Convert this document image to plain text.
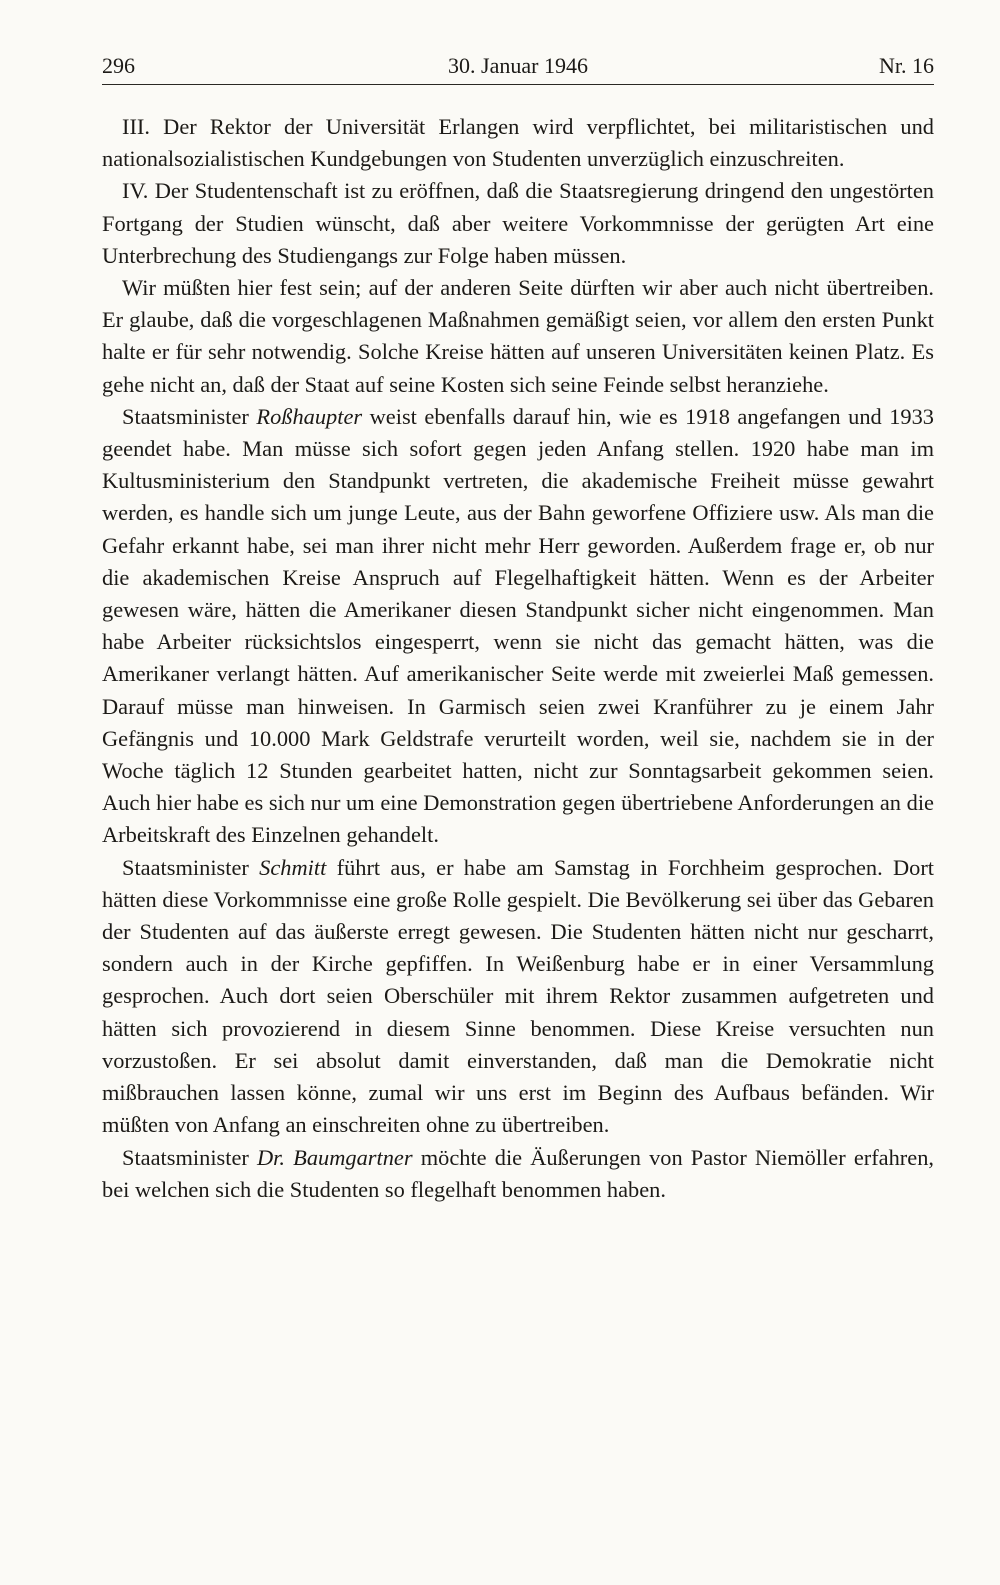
296	30. Januar 1946	Nr. 16

III. Der Rektor der Universität Erlangen wird verpflichtet, bei militaristischen und nationalsozialistischen Kundgebungen von Studenten unverzüglich einzuschreiten.

IV. Der Studentenschaft ist zu eröffnen, daß die Staatsregierung dringend den ungestörten Fortgang der Studien wünscht, daß aber weitere Vorkommnisse der gerügten Art eine Unterbrechung des Studiengangs zur Folge haben müssen.

Wir müßten hier fest sein; auf der anderen Seite dürften wir aber auch nicht übertreiben. Er glaube, daß die vorgeschlagenen Maßnahmen gemäßigt seien, vor allem den ersten Punkt halte er für sehr notwendig. Solche Kreise hätten auf unseren Universitäten keinen Platz. Es gehe nicht an, daß der Staat auf seine Kosten sich seine Feinde selbst heranziehe.

Staatsminister Roßhaupter weist ebenfalls darauf hin, wie es 1918 angefangen und 1933 geendet habe. Man müsse sich sofort gegen jeden Anfang stellen. 1920 habe man im Kultusministerium den Standpunkt vertreten, die akademische Freiheit müsse gewahrt werden, es handle sich um junge Leute, aus der Bahn geworfene Offiziere usw. Als man die Gefahr erkannt habe, sei man ihrer nicht mehr Herr geworden. Außerdem frage er, ob nur die akademischen Kreise Anspruch auf Flegelhaftigkeit hätten. Wenn es der Arbeiter gewesen wäre, hätten die Amerikaner diesen Standpunkt sicher nicht eingenommen. Man habe Arbeiter rücksichtslos eingesperrt, wenn sie nicht das gemacht hätten, was die Amerikaner verlangt hätten. Auf amerikanischer Seite werde mit zweierlei Maß gemessen. Darauf müsse man hinweisen. In Garmisch seien zwei Kranführer zu je einem Jahr Gefängnis und 10.000 Mark Geldstrafe verurteilt worden, weil sie, nachdem sie in der Woche täglich 12 Stunden gearbeitet hatten, nicht zur Sonntagsarbeit gekommen seien. Auch hier habe es sich nur um eine Demonstration gegen übertriebene Anforderungen an die Arbeitskraft des Einzelnen gehandelt.

Staatsminister Schmitt führt aus, er habe am Samstag in Forchheim gesprochen. Dort hätten diese Vorkommnisse eine große Rolle gespielt. Die Bevölkerung sei über das Gebaren der Studenten auf das äußerste erregt gewesen. Die Studenten hätten nicht nur gescharrt, sondern auch in der Kirche gepfiffen. In Weißenburg habe er in einer Versammlung gesprochen. Auch dort seien Oberschüler mit ihrem Rektor zusammen aufgetreten und hätten sich provozierend in diesem Sinne benommen. Diese Kreise versuchten nun vorzustoßen. Er sei absolut damit einverstanden, daß man die Demokratie nicht mißbrauchen lassen könne, zumal wir uns erst im Beginn des Aufbaus befänden. Wir müßten von Anfang an einschreiten ohne zu übertreiben.

Staatsminister Dr. Baumgartner möchte die Äußerungen von Pastor Niemöller erfahren, bei welchen sich die Studenten so flegelhaft benommen haben.
